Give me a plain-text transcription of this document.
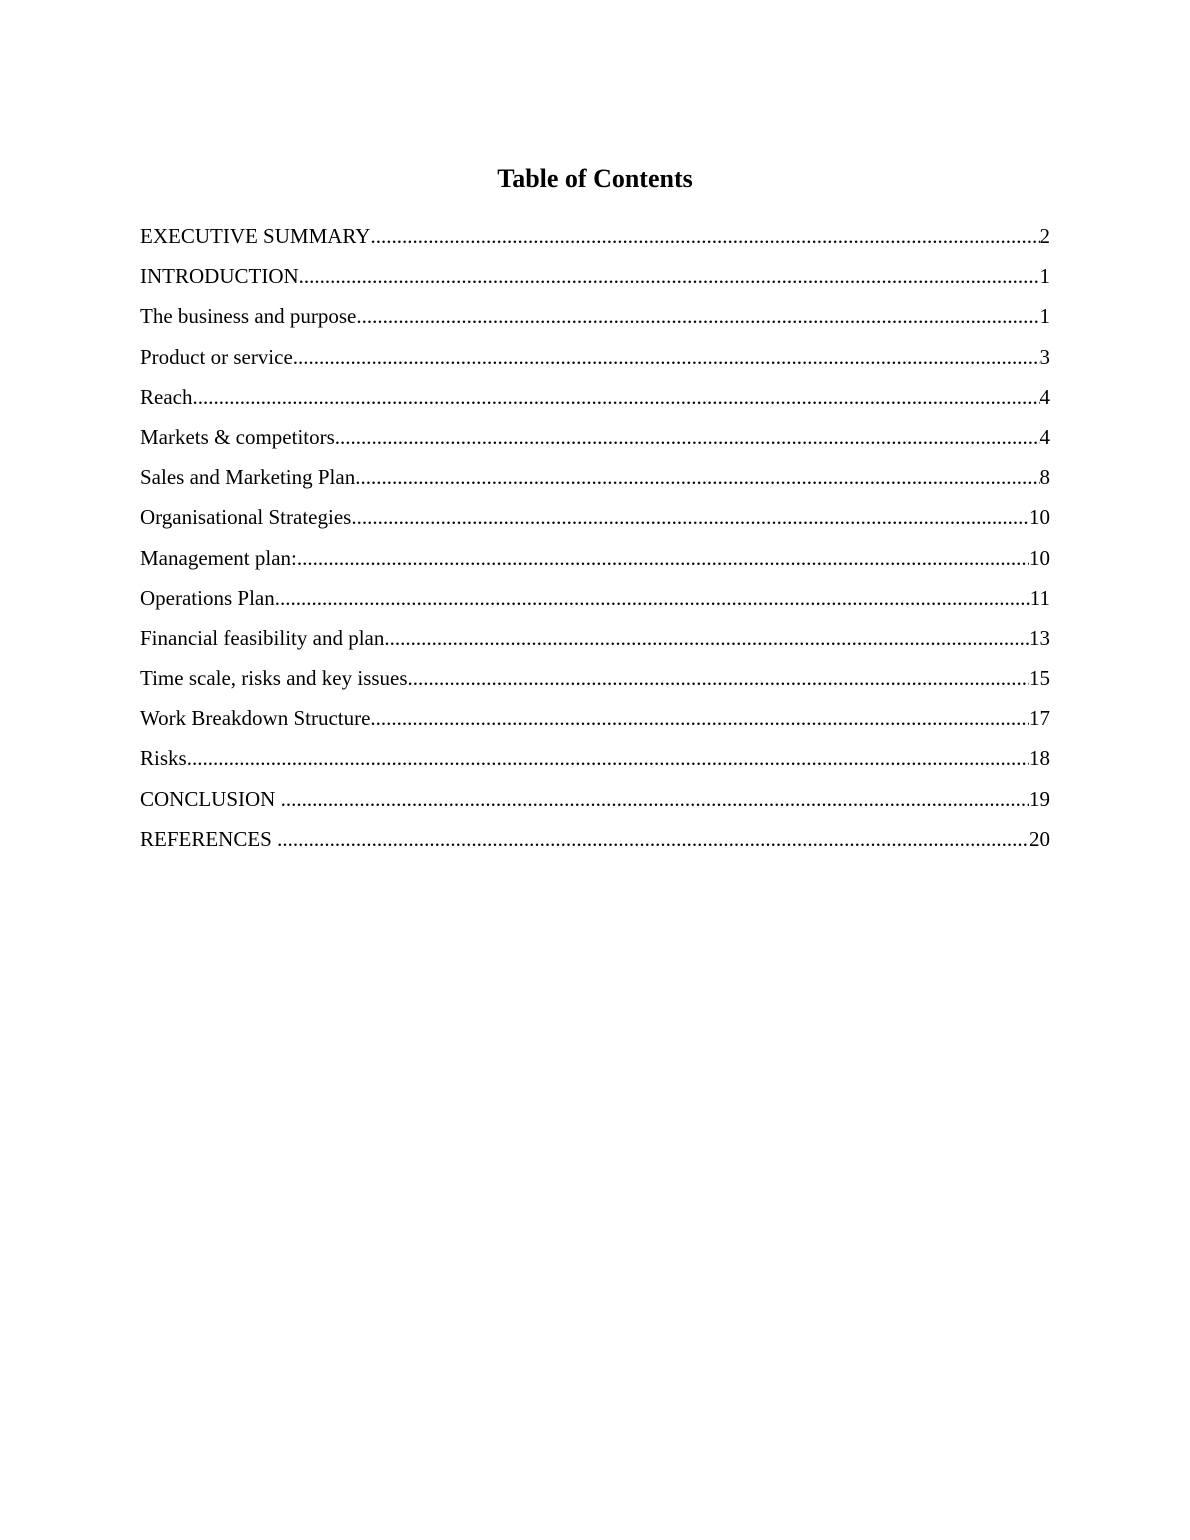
Table of Contents
EXECUTIVE SUMMARY .....	2
INTRODUCTION .....	1
The business and purpose .....	1
Product or service .....	3
Reach .....	4
Markets & competitors .....	4
Sales and Marketing Plan .....	8
Organisational Strategies .....	10
Management plan: .....	10
Operations Plan .....	11
Financial feasibility and plan .....	13
Time scale, risks and key issues .....	15
Work Breakdown Structure .....	17
Risks .....	18
CONCLUSION .....	19
REFERENCES .....	20
